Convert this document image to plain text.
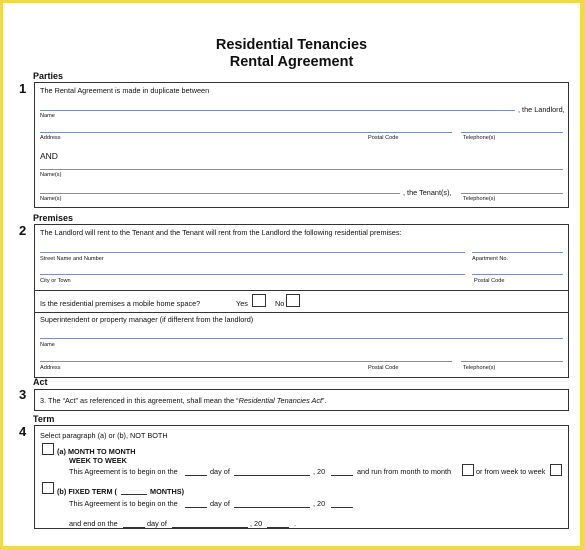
Residential Tenancies
Rental Agreement
Parties
1 The Rental Agreement is made in duplicate between
, the Landlord,
Name
Address	Postal Code	Telephone(s)
AND
Name(s)
, the Tenant(s),
Name(s)	Telephone(s)
Premises
2 The Landlord will rent to the Tenant and the Tenant will rent from the Landlord the following residential premises:
Street Name and Number	Apartment No.
City or Town	Postal Code
Is the residential premises a mobile home space?	Yes	No
Superintendent or property manager (if different from the landlord)
Name
Address	Postal Code	Telephone(s)
Act
3 3. The “Act” as referenced in this agreement, shall mean the “Residential Tenancies Act”.
Term
4 Select paragraph (a) or (b), NOT BOTH
(a) MONTH TO MONTH
WEEK TO WEEK
This Agreement is to begin on the	day of	, 20	and run from month to month	or from week to week
(b) FIXED TERM (	MONTHS)
This Agreement is to begin on the	day of	, 20
and end on the	day of	, 20	.
